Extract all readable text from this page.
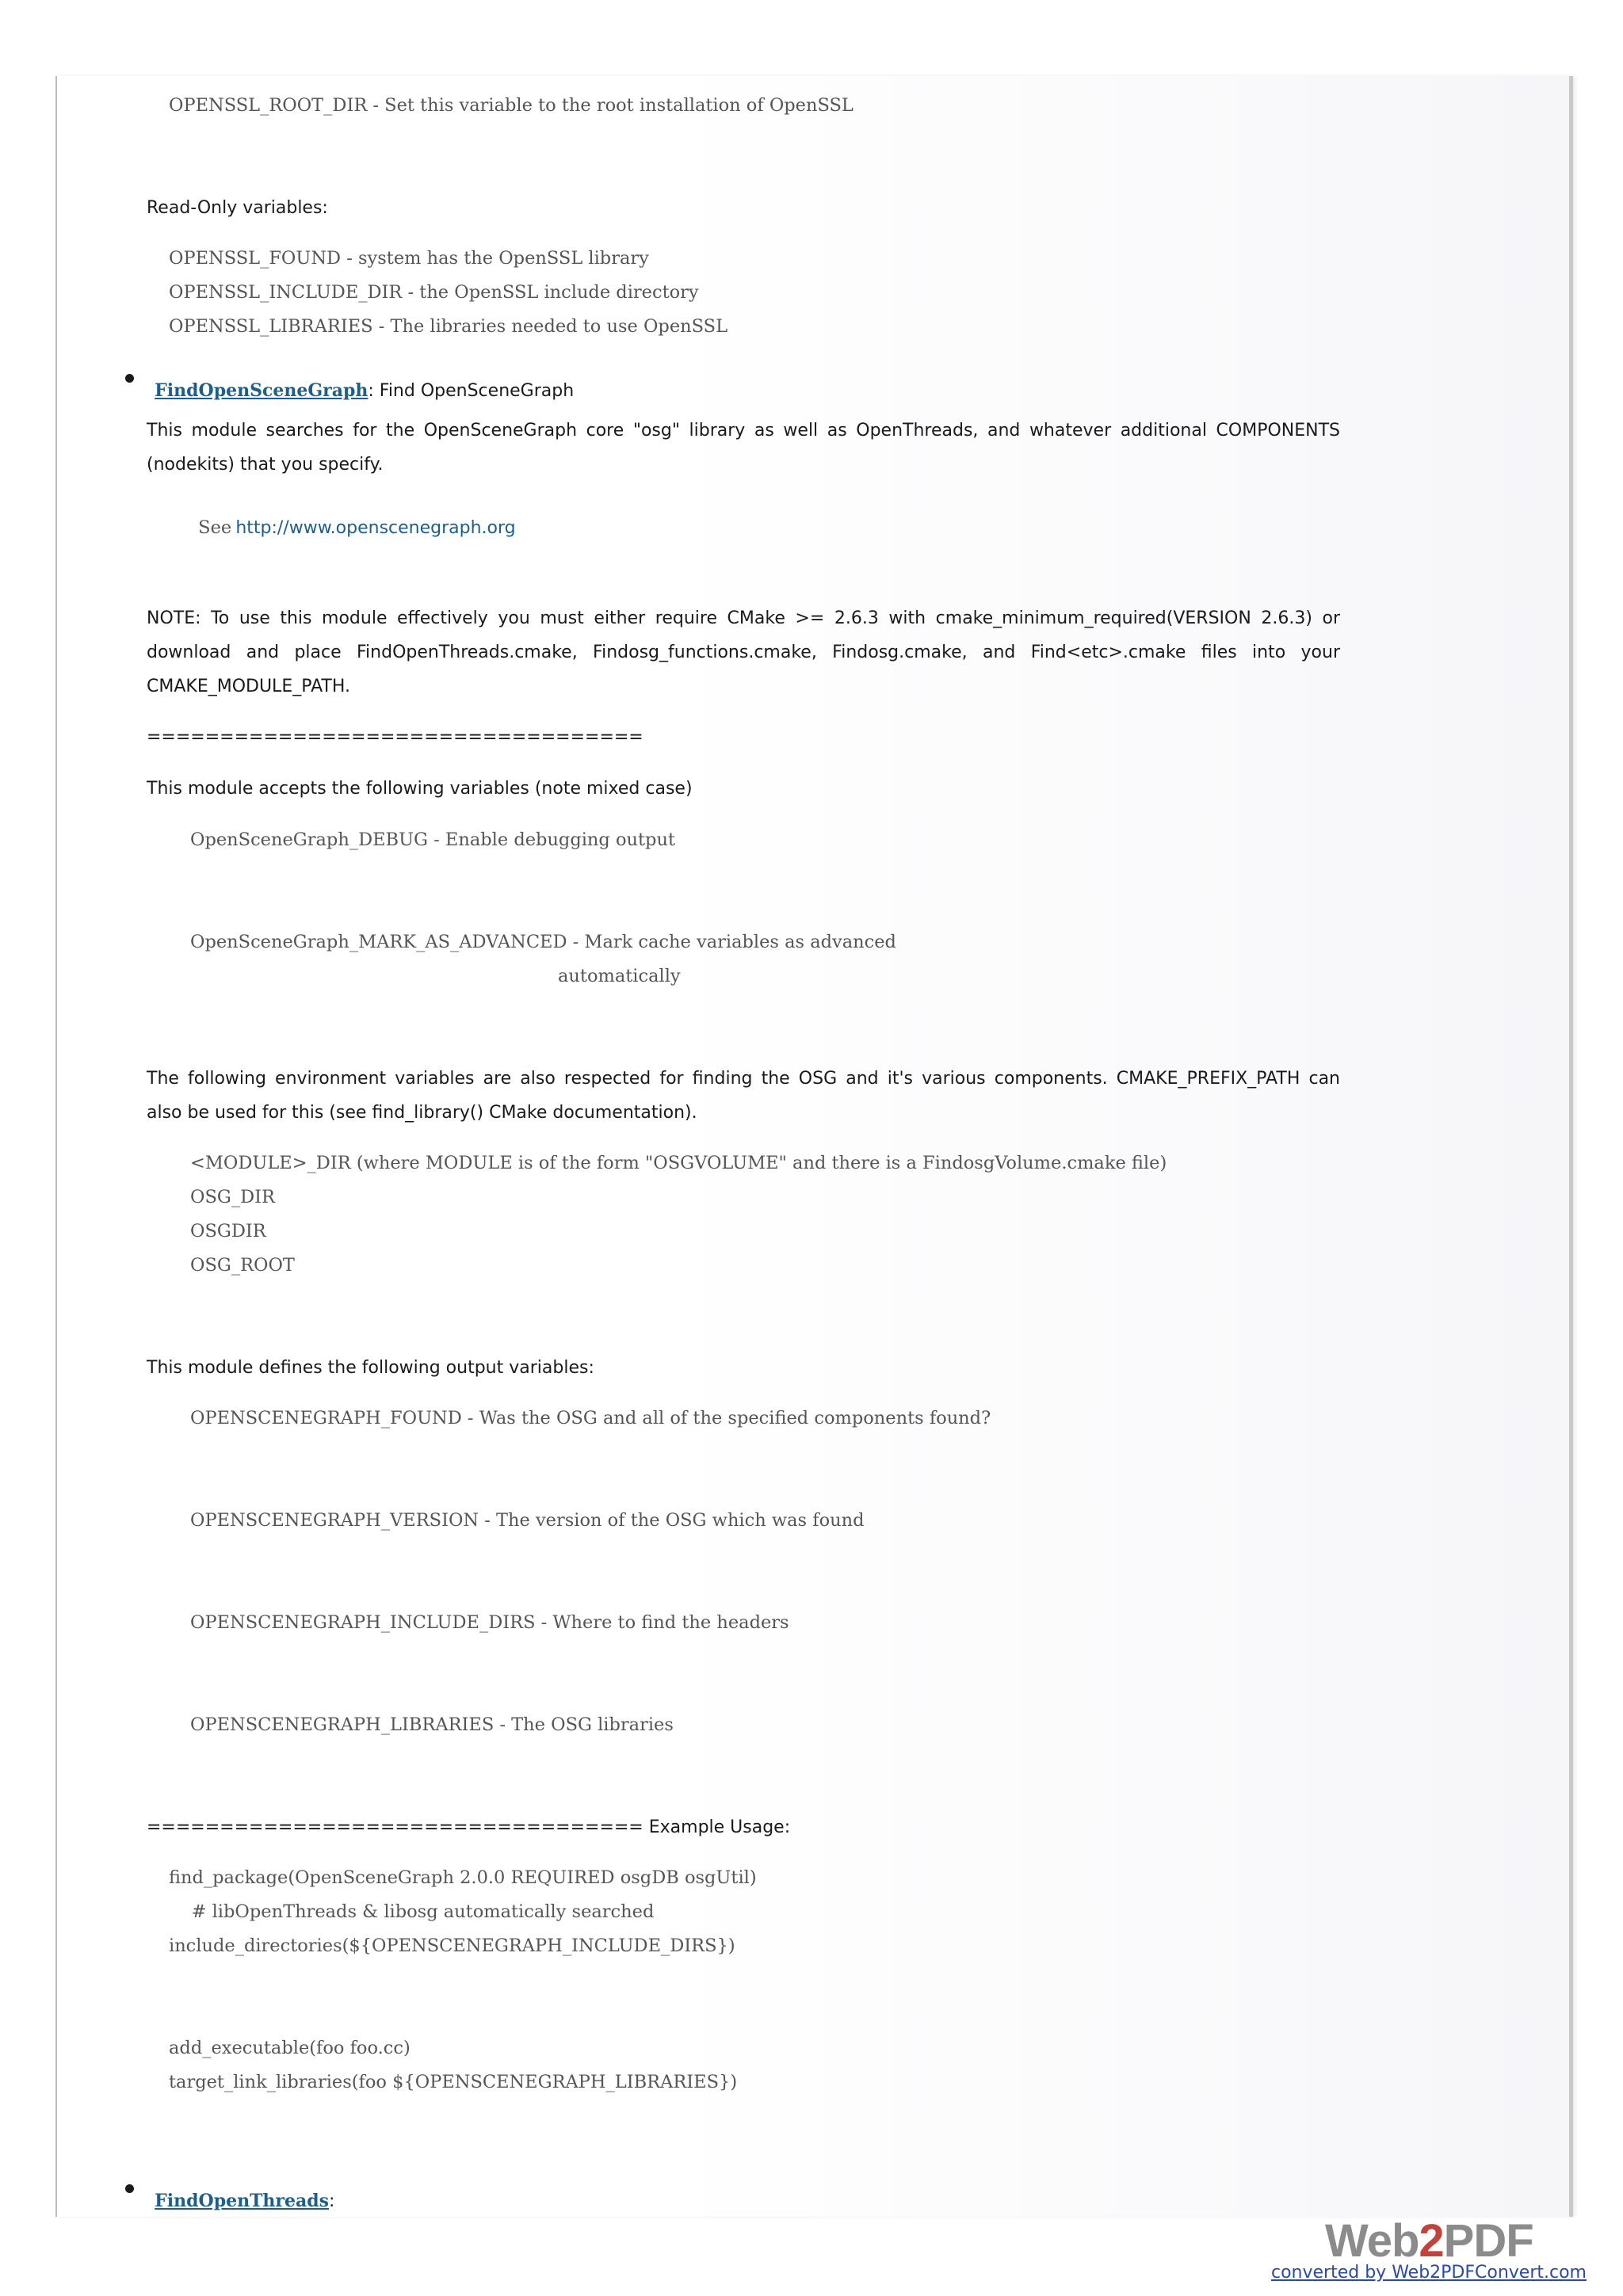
OPENSSL_ROOT_DIR - Set this variable to the root installation of OpenSSL
Read-Only variables:
OPENSSL_FOUND - system has the OpenSSL library
OPENSSL_INCLUDE_DIR - the OpenSSL include directory
OPENSSL_LIBRARIES - The libraries needed to use OpenSSL

FindOpenSceneGraph: Find OpenSceneGraph

This module searches for the OpenSceneGraph core "osg" library as well as OpenThreads, and whatever additional COMPONENTS
(nodekits) that you specify.

See http://www.openscenegraph.org

NOTE: To use this module effectively you must either require CMake >= 2.6.3 with cmake_minimum_required(VERSION 2.6.3) or
download and place FindOpenThreads.cmake, Findosg_functions.cmake, Findosg.cmake, and Find<etc>.cmake files into your
CMAKE_MODULE_PATH.
==================================
This module accepts the following variables (note mixed case)
OpenSceneGraph_DEBUG - Enable debugging output
OpenSceneGraph_MARK_AS_ADVANCED - Mark cache variables as advanced
automatically
The following environment variables are also respected for finding the OSG and it's various components. CMAKE_PREFIX_PATH can
also be used for this (see find_library() CMake documentation).
<MODULE>_DIR (where MODULE is of the form "OSGVOLUME" and there is a FindosgVolume.cmake file)
OSG_DIR
OSGDIR
OSG_ROOT
This module defines the following output variables:
OPENSCENEGRAPH_FOUND - Was the OSG and all of the specified components found?
OPENSCENEGRAPH_VERSION - The version of the OSG which was found
OPENSCENEGRAPH_INCLUDE_DIRS - Where to find the headers
OPENSCENEGRAPH_LIBRARIES - The OSG libraries
================================== Example Usage:
find_package(OpenSceneGraph 2.0.0 REQUIRED osgDB osgUtil)
# libOpenThreads & libosg automatically searched
include_directories(${OPENSCENEGRAPH_INCLUDE_DIRS})
add_executable(foo foo.cc)
target_link_libraries(foo ${OPENSCENEGRAPH_LIBRARIES})

FindOpenThreads:

Web2PDF
converted by Web2PDFConvert.com
